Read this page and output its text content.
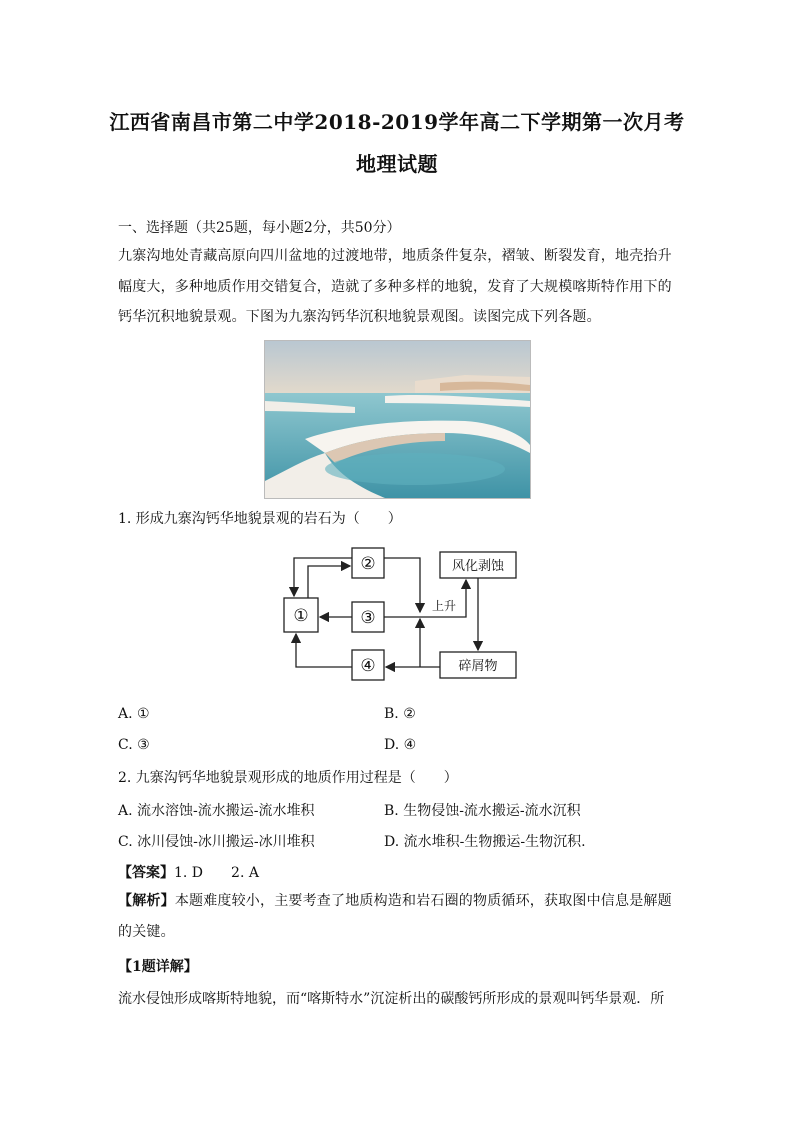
江西省南昌市第二中学2018-2019学年高二下学期第一次月考
地理试题
一、选择题（共25题，每小题2分，共50分）
九寨沟地处青藏高原向四川盆地的过渡地带，地质条件复杂，褶皱、断裂发育，地壳抬升幅度大，多种地质作用交错复合，造就了多种多样的地貌，发育了大规模喀斯特作用下的钙华沉积地貌景观。下图为九寨沟钙华沉积地貌景观图。读图完成下列各题。
1. 形成九寨沟钙华地貌景观的岩石为（　　）
①
②
③
④
风化剥蚀
碎屑物
上升
A. ①	B. ②
C. ③	D. ④
2. 九寨沟钙华地貌景观形成的地质作用过程是（　　）
A. 流水溶蚀-流水搬运-流水堆积	B. 生物侵蚀-流水搬运-流水沉积
C. 冰川侵蚀-冰川搬运-冰川堆积	D. 流水堆积-生物搬运-生物沉积.
【答案】1. D　　2. A
【解析】本题难度较小，主要考查了地质构造和岩石圈的物质循环，获取图中信息是解题的关键。
【1题详解】
流水侵蚀形成喀斯特地貌，而“喀斯特水”沉淀析出的碳酸钙所形成的景观叫钙华景观．所
